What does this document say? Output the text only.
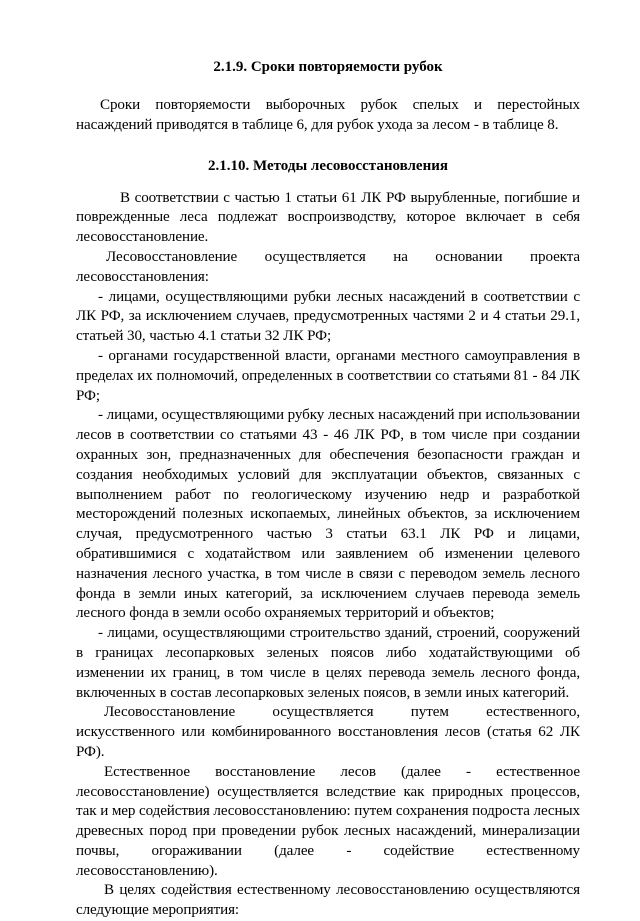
2.1.9. Сроки повторяемости рубок

Сроки повторяемости выборочных рубок спелых и перестойных насаждений приводятся в таблице 6, для рубок ухода за лесом - в таблице 8.

2.1.10. Методы лесовосстановления

В соответствии с частью 1 статьи 61 ЛК РФ вырубленные, погибшие и поврежденные леса подлежат воспроизводству, которое включает в себя лесовосстановление.

Лесовосстановление осуществляется на основании проекта лесовосстановления:

- лицами, осуществляющими рубки лесных насаждений в соответствии с ЛК РФ, за исключением случаев, предусмотренных частями 2 и 4 статьи 29.1, статьей 30, частью 4.1 статьи 32 ЛК РФ;

- органами государственной власти, органами местного самоуправления в пределах их полномочий, определенных в соответствии со статьями 81 - 84 ЛК РФ;

- лицами, осуществляющими рубку лесных насаждений при использовании лесов в соответствии со статьями 43 - 46 ЛК РФ, в том числе при создании охранных зон, предназначенных для обеспечения безопасности граждан и создания необходимых условий для эксплуатации объектов, связанных с выполнением работ по геологическому изучению недр и разработкой месторождений полезных ископаемых, линейных объектов, за исключением случая, предусмотренного частью 3 статьи 63.1 ЛК РФ и лицами, обратившимися с ходатайством или заявлением об изменении целевого назначения лесного участка, в том числе в связи с переводом земель лесного фонда в земли иных категорий, за исключением случаев перевода земель лесного фонда в земли особо охраняемых территорий и объектов;

- лицами, осуществляющими строительство зданий, строений, сооружений в границах лесопарковых зеленых поясов либо ходатайствующими об изменении их границ, в том числе в целях перевода земель лесного фонда, включенных в состав лесопарковых зеленых поясов, в земли иных категорий.

Лесовосстановление осуществляется путем естественного, искусственного или комбинированного восстановления лесов (статья 62 ЛК РФ).

Естественное восстановление лесов (далее - естественное лесовосстановление) осуществляется вследствие как природных процессов, так и мер содействия лесовосстановлению: путем сохранения подроста лесных древесных пород при проведении рубок лесных насаждений, минерализации почвы, огораживании (далее - содействие естественному лесовосстановлению).

В целях содействия естественному лесовосстановлению осуществляются следующие мероприятия:
